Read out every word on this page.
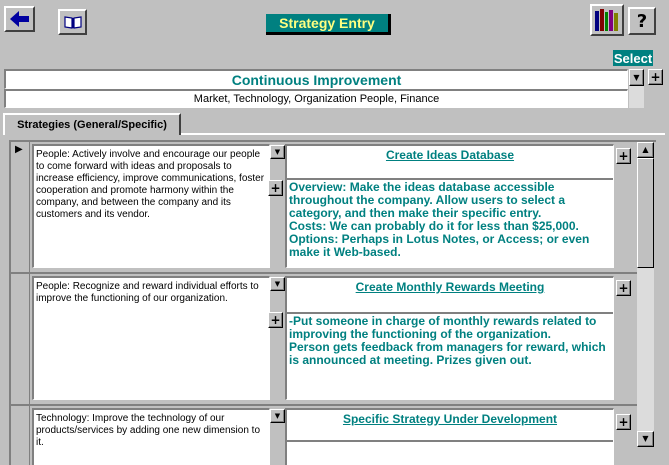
Strategy Entry	?
Select
Continuous Improvement
Market, Technology, Organization People, Finance
▼ +
Strategies (General/Specific)
▶ People: Actively involve and encourage our people to come forward with ideas and proposals to increase efficiency, improve communications, foster cooperation and promote harmony within the company, and between the company and its customers and its vendor.
▼
+
Create Ideas Database
Overview: Make the ideas database accessible throughout the company. Allow users to select a category, and then make their specific entry.
Costs: We can probably do it for less than $25,000.
Options: Perhaps in Lotus Notes, or Access; or even make it Web-based.
+
People: Recognize and reward individual efforts to improve the functioning of our organization.
▼
+
Create Monthly Rewards Meeting
-Put someone in charge of monthly rewards related to improving the functioning of the organization.
Person gets feedback from managers for reward, which is announced at meeting. Prizes given out.
+
Technology: Improve the technology of our products/services by adding one new dimension to it.
▼	Specific Strategy Under Development	+
▲
▼
